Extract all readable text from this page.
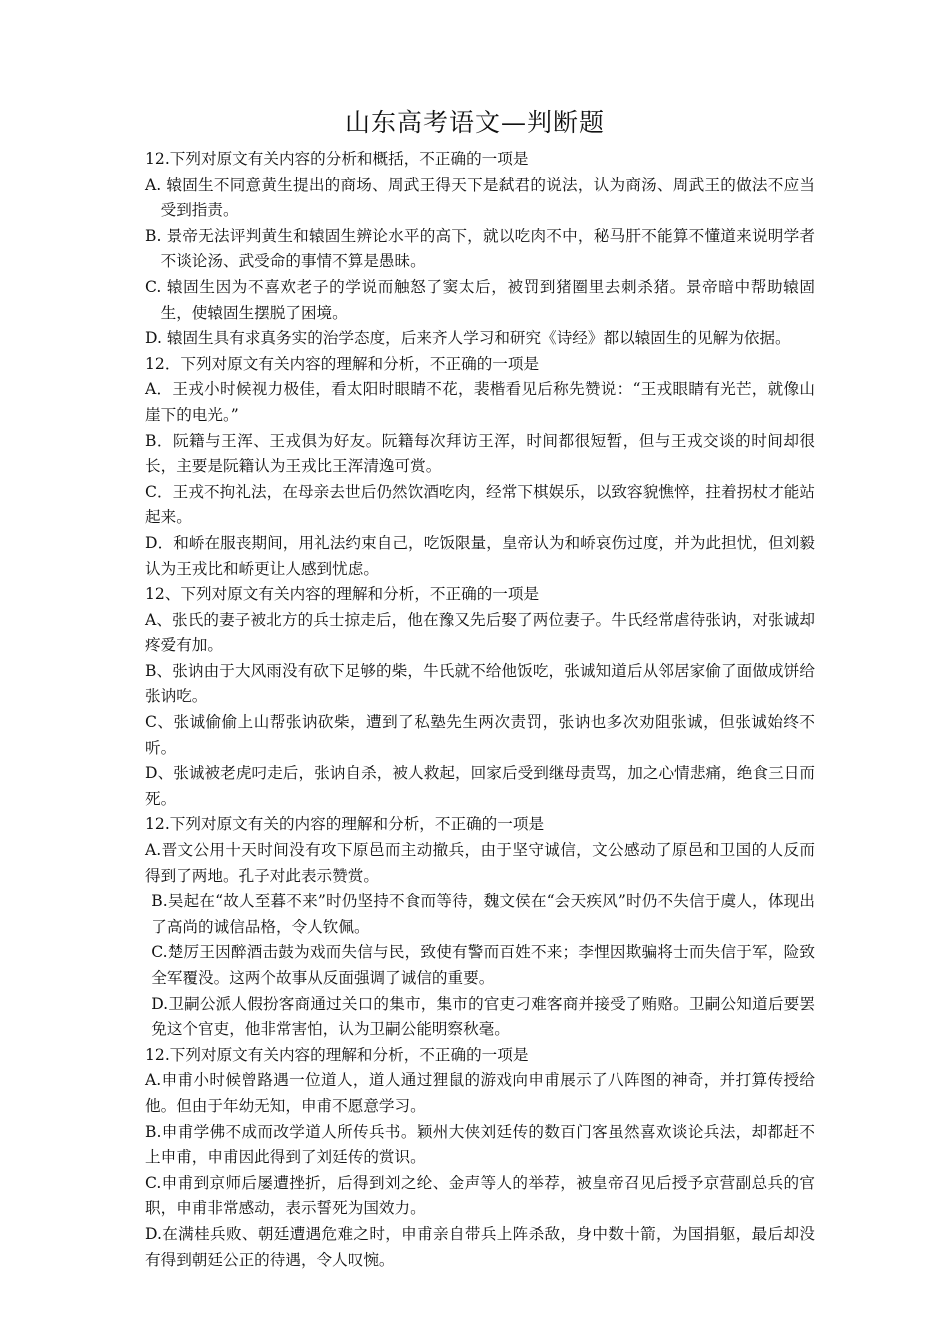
山东高考语文—判断题

12.下列对原文有关内容的分析和概括，不正确的一项是

A. 辕固生不同意黄生提出的商场、周武王得天下是弑君的说法，认为商汤、周武王的做法不应当受到指责。

B. 景帝无法评判黄生和辕固生辨论水平的高下，就以吃肉不中，秘马肝不能算不懂道来说明学者不谈论汤、武受命的事情不算是愚昧。

C. 辕固生因为不喜欢老子的学说而触怒了窦太后，被罚到猪圈里去刺杀猪。景帝暗中帮助辕固生，使辕固生摆脱了困境。

D. 辕固生具有求真务实的治学态度，后来齐人学习和研究《诗经》都以辕固生的见解为依据。

12．下列对原文有关内容的理解和分析，不正确的一项是

A．王戎小时候视力极佳，看太阳时眼睛不花，裴楷看见后称先赞说：“王戎眼睛有光芒，就像山崖下的电光。”

B．阮籍与王浑、王戎俱为好友。阮籍每次拜访王浑，时间都很短暂，但与王戎交谈的时间却很长，主要是阮籍认为王戎比王浑清逸可赏。

C．王戎不拘礼法，在母亲去世后仍然饮酒吃肉，经常下棋娱乐，以致容貌憔悴，拄着拐杖才能站起来。

D．和峤在服丧期间，用礼法约束自己，吃饭限量，皇帝认为和峤哀伤过度，并为此担忧，但刘毅认为王戎比和峤更让人感到忧虑。

12、下列对原文有关内容的理解和分析，不正确的一项是

A、张氏的妻子被北方的兵士掠走后，他在豫又先后娶了两位妻子。牛氏经常虐待张讷，对张诚却疼爱有加。

B、张讷由于大风雨没有砍下足够的柴，牛氏就不给他饭吃，张诚知道后从邻居家偷了面做成饼给张讷吃。

C、张诚偷偷上山帮张讷砍柴，遭到了私塾先生两次责罚，张讷也多次劝阻张诚，但张诚始终不听。

D、张诚被老虎叼走后，张讷自杀，被人救起，回家后受到继母责骂，加之心情悲痛，绝食三日而死。

12.下列对原文有关的内容的理解和分析，不正确的一项是

A.晋文公用十天时间没有攻下原邑而主动撤兵，由于坚守诚信，文公感动了原邑和卫国的人反而得到了两地。孔子对此表示赞赏。

B.吴起在“故人至暮不来”时仍坚持不食而等待，魏文侯在“会天疾风”时仍不失信于虞人，体现出了高尚的诚信品格，令人钦佩。

C.楚厉王因醉酒击鼓为戏而失信与民，致使有警而百姓不来；李悝因欺骗将士而失信于军，险致全军覆没。这两个故事从反面强调了诚信的重要。

D.卫嗣公派人假扮客商通过关口的集市，集市的官吏刁难客商并接受了贿赂。卫嗣公知道后要罢免这个官吏，他非常害怕，认为卫嗣公能明察秋毫。

12.下列对原文有关内容的理解和分析，不正确的一项是

A.申甫小时候曾路遇一位道人，道人通过狸鼠的游戏向申甫展示了八阵图的神奇，并打算传授给他。但由于年幼无知，申甫不愿意学习。

B.申甫学佛不成而改学道人所传兵书。颖州大侠刘廷传的数百门客虽然喜欢谈论兵法，却都赶不上申甫，申甫因此得到了刘廷传的赏识。

C.申甫到京师后屡遭挫折，后得到刘之纶、金声等人的举荐，被皇帝召见后授予京营副总兵的官职，申甫非常感动，表示誓死为国效力。

D.在满桂兵败、朝廷遭遇危难之时，申甫亲自带兵上阵杀敌，身中数十箭，为国捐躯，最后却没有得到朝廷公正的待遇，令人叹惋。
